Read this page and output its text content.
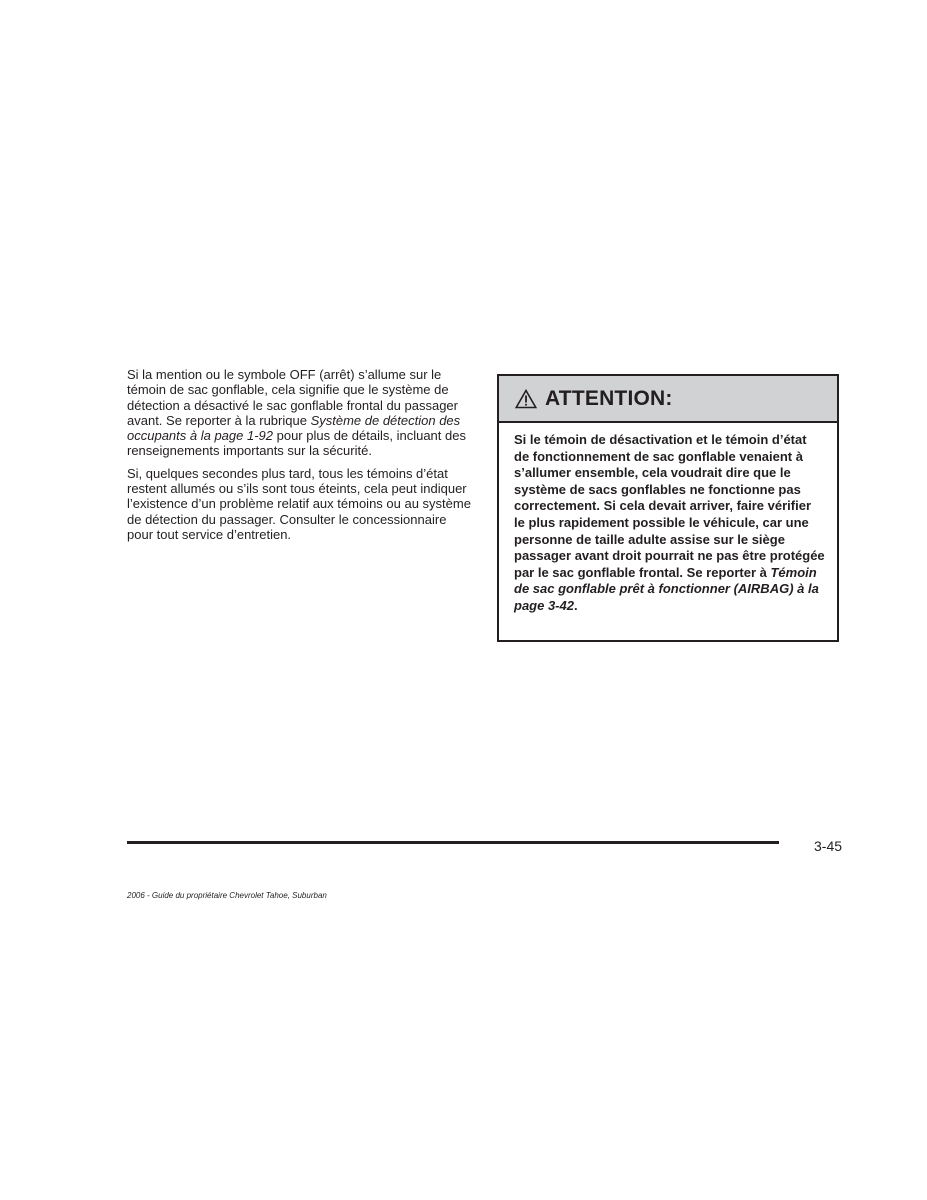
Si la mention ou le symbole OFF (arrêt) s’allume sur le témoin de sac gonflable, cela signifie que le système de détection a désactivé le sac gonflable frontal du passager avant. Se reporter à la rubrique Système de détection des occupants à la page 1-92 pour plus de détails, incluant des renseignements importants sur la sécurité.

Si, quelques secondes plus tard, tous les témoins d’état restent allumés ou s’ils sont tous éteints, cela peut indiquer l’existence d’un problème relatif aux témoins ou au système de détection du passager. Consulter le concessionnaire pour tout service d’entretien.

ATTENTION:
Si le témoin de désactivation et le témoin d’état de fonctionnement de sac gonflable venaient à s’allumer ensemble, cela voudrait dire que le système de sacs gonflables ne fonctionne pas correctement. Si cela devait arriver, faire vérifier le plus rapidement possible le véhicule, car une personne de taille adulte assise sur le siège passager avant droit pourrait ne pas être protégée par le sac gonflable frontal. Se reporter à Témoin de sac gonflable prêt à fonctionner (AIRBAG) à la page 3-42.
3-45
2006 - Guide du propriétaire Chevrolet Tahoe, Suburban
